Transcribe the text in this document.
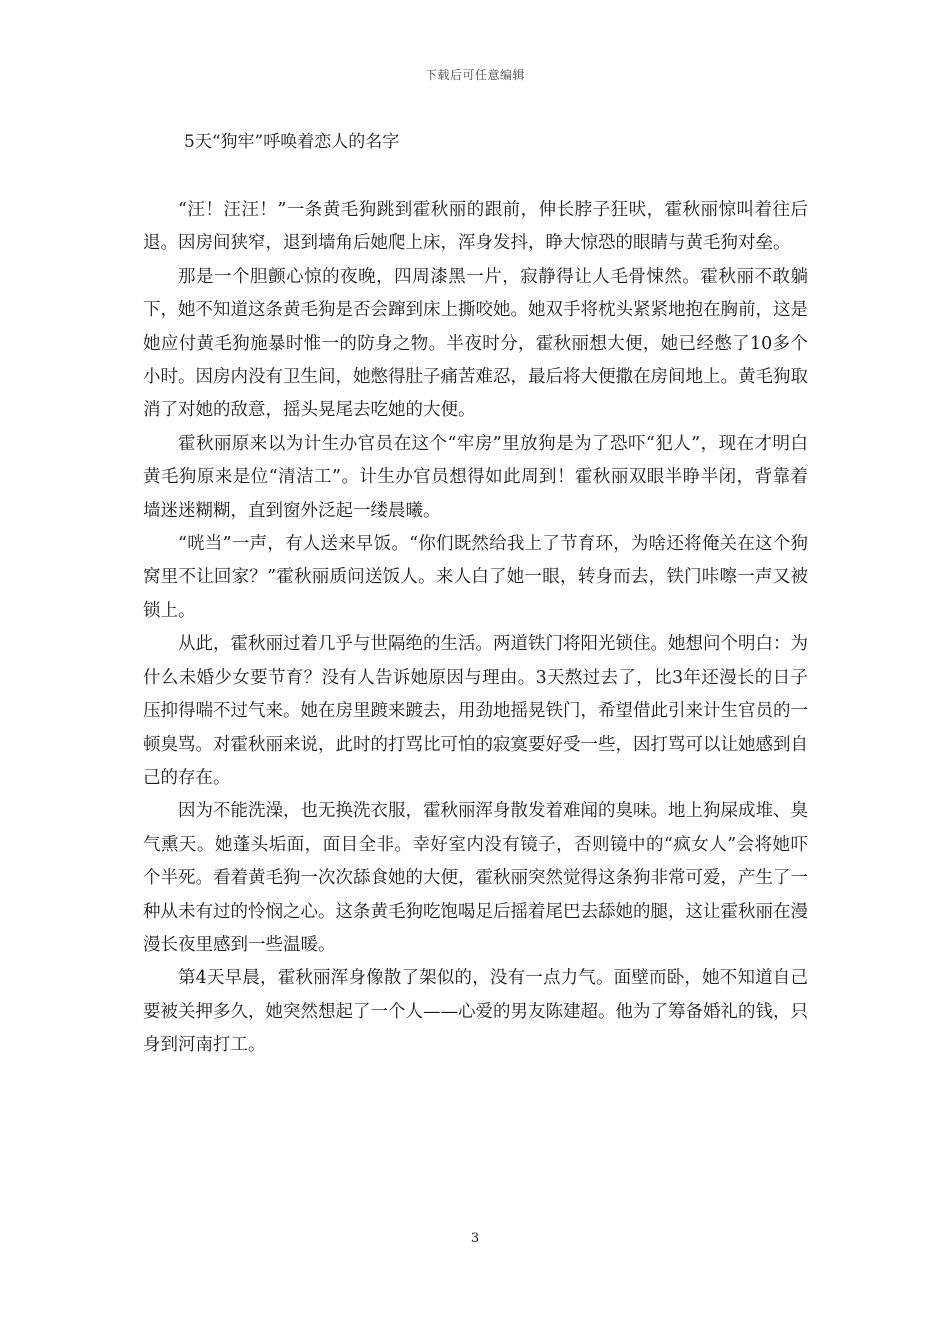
下载后可任意编辑
5天“狗牢”呼唤着恋人的名字

“汪！汪汪！”一条黄毛狗跳到霍秋丽的跟前，伸长脖子狂吠，霍秋丽惊叫着往后退。因房间狭窄，退到墙角后她爬上床，浑身发抖，睁大惊恐的眼睛与黄毛狗对垒。

那是一个胆颤心惊的夜晚，四周漆黑一片，寂静得让人毛骨悚然。霍秋丽不敢躺下，她不知道这条黄毛狗是否会蹿到床上撕咬她。她双手将枕头紧紧地抱在胸前，这是她应付黄毛狗施暴时惟一的防身之物。半夜时分，霍秋丽想大便，她已经憋了10多个小时。因房内没有卫生间，她憋得肚子痛苦难忍，最后将大便撒在房间地上。黄毛狗取消了对她的敌意，摇头晃尾去吃她的大便。

霍秋丽原来以为计生办官员在这个“牢房”里放狗是为了恐吓“犯人”，现在才明白黄毛狗原来是位“清洁工”。计生办官员想得如此周到！霍秋丽双眼半睁半闭，背靠着墙迷迷糊糊，直到窗外泛起一缕晨曦。

“咣当”一声，有人送来早饭。“你们既然给我上了节育环，为啥还将俺关在这个狗窝里不让回家？”霍秋丽质问送饭人。来人白了她一眼，转身而去，铁门咔嚓一声又被锁上。

从此，霍秋丽过着几乎与世隔绝的生活。两道铁门将阳光锁住。她想问个明白：为什么未婚少女要节育？没有人告诉她原因与理由。3天熬过去了，比3年还漫长的日子压抑得喘不过气来。她在房里踱来踱去，用劲地摇晃铁门，希望借此引来计生官员的一顿臭骂。对霍秋丽来说，此时的打骂比可怕的寂寞要好受一些，因打骂可以让她感到自己的存在。

因为不能洗澡，也无换洗衣服，霍秋丽浑身散发着难闻的臭味。地上狗屎成堆、臭气熏天。她蓬头垢面，面目全非。幸好室内没有镜子，否则镜中的“疯女人”会将她吓个半死。看着黄毛狗一次次舔食她的大便，霍秋丽突然觉得这条狗非常可爱，产生了一种从未有过的怜悯之心。这条黄毛狗吃饱喝足后摇着尾巴去舔她的腿，这让霍秋丽在漫漫长夜里感到一些温暖。

第4天早晨，霍秋丽浑身像散了架似的，没有一点力气。面壁而卧，她不知道自己要被关押多久，她突然想起了一个人——心爱的男友陈建超。他为了筹备婚礼的钱，只身到河南打工。

3
